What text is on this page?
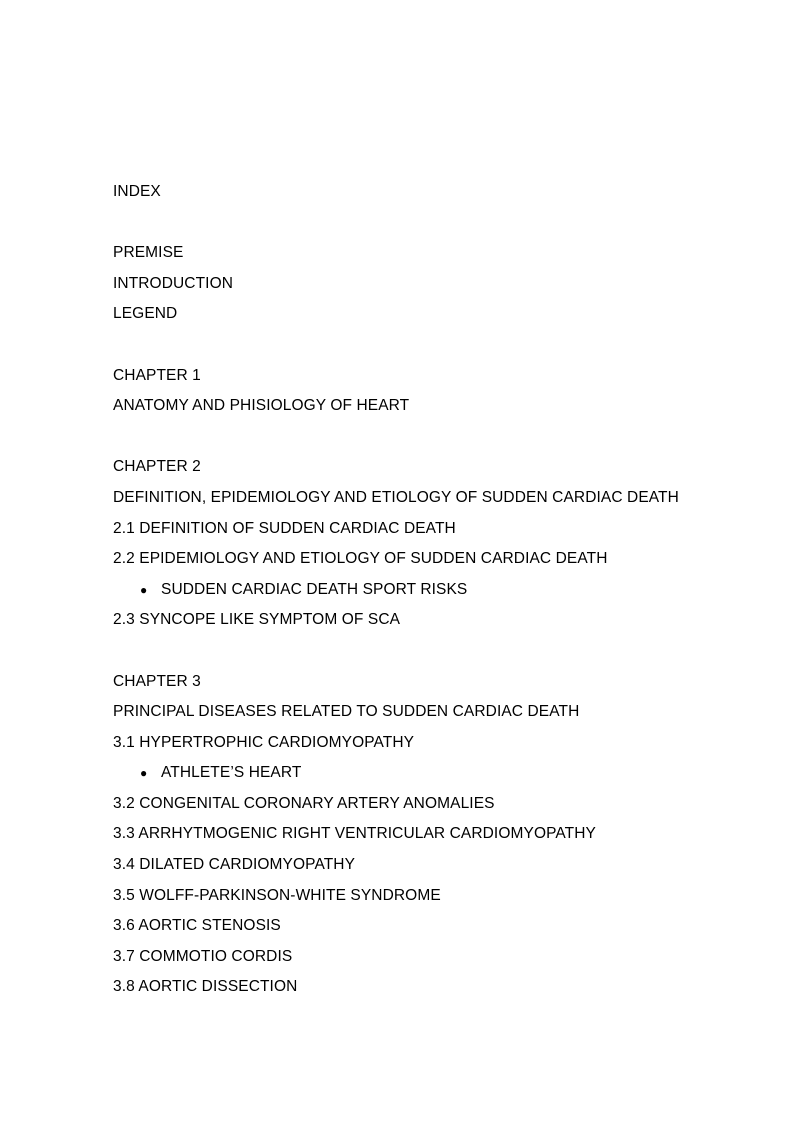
INDEX
PREMISE
INTRODUCTION
LEGEND
CHAPTER 1
ANATOMY AND PHISIOLOGY OF HEART
CHAPTER 2
DEFINITION, EPIDEMIOLOGY AND ETIOLOGY OF SUDDEN CARDIAC DEATH
2.1 DEFINITION OF SUDDEN CARDIAC DEATH
2.2 EPIDEMIOLOGY AND ETIOLOGY OF SUDDEN CARDIAC DEATH
● SUDDEN CARDIAC DEATH SPORT RISKS
2.3 SYNCOPE LIKE SYMPTOM OF SCA
CHAPTER 3
PRINCIPAL DISEASES RELATED TO SUDDEN CARDIAC DEATH
3.1 HYPERTROPHIC CARDIOMYOPATHY
● ATHLETE’S HEART
3.2 CONGENITAL CORONARY ARTERY ANOMALIES
3.3 ARRHYTMOGENIC RIGHT VENTRICULAR CARDIOMYOPATHY
3.4 DILATED CARDIOMYOPATHY
3.5 WOLFF-PARKINSON-WHITE SYNDROME
3.6 AORTIC STENOSIS
3.7 COMMOTIO CORDIS
3.8 AORTIC DISSECTION
